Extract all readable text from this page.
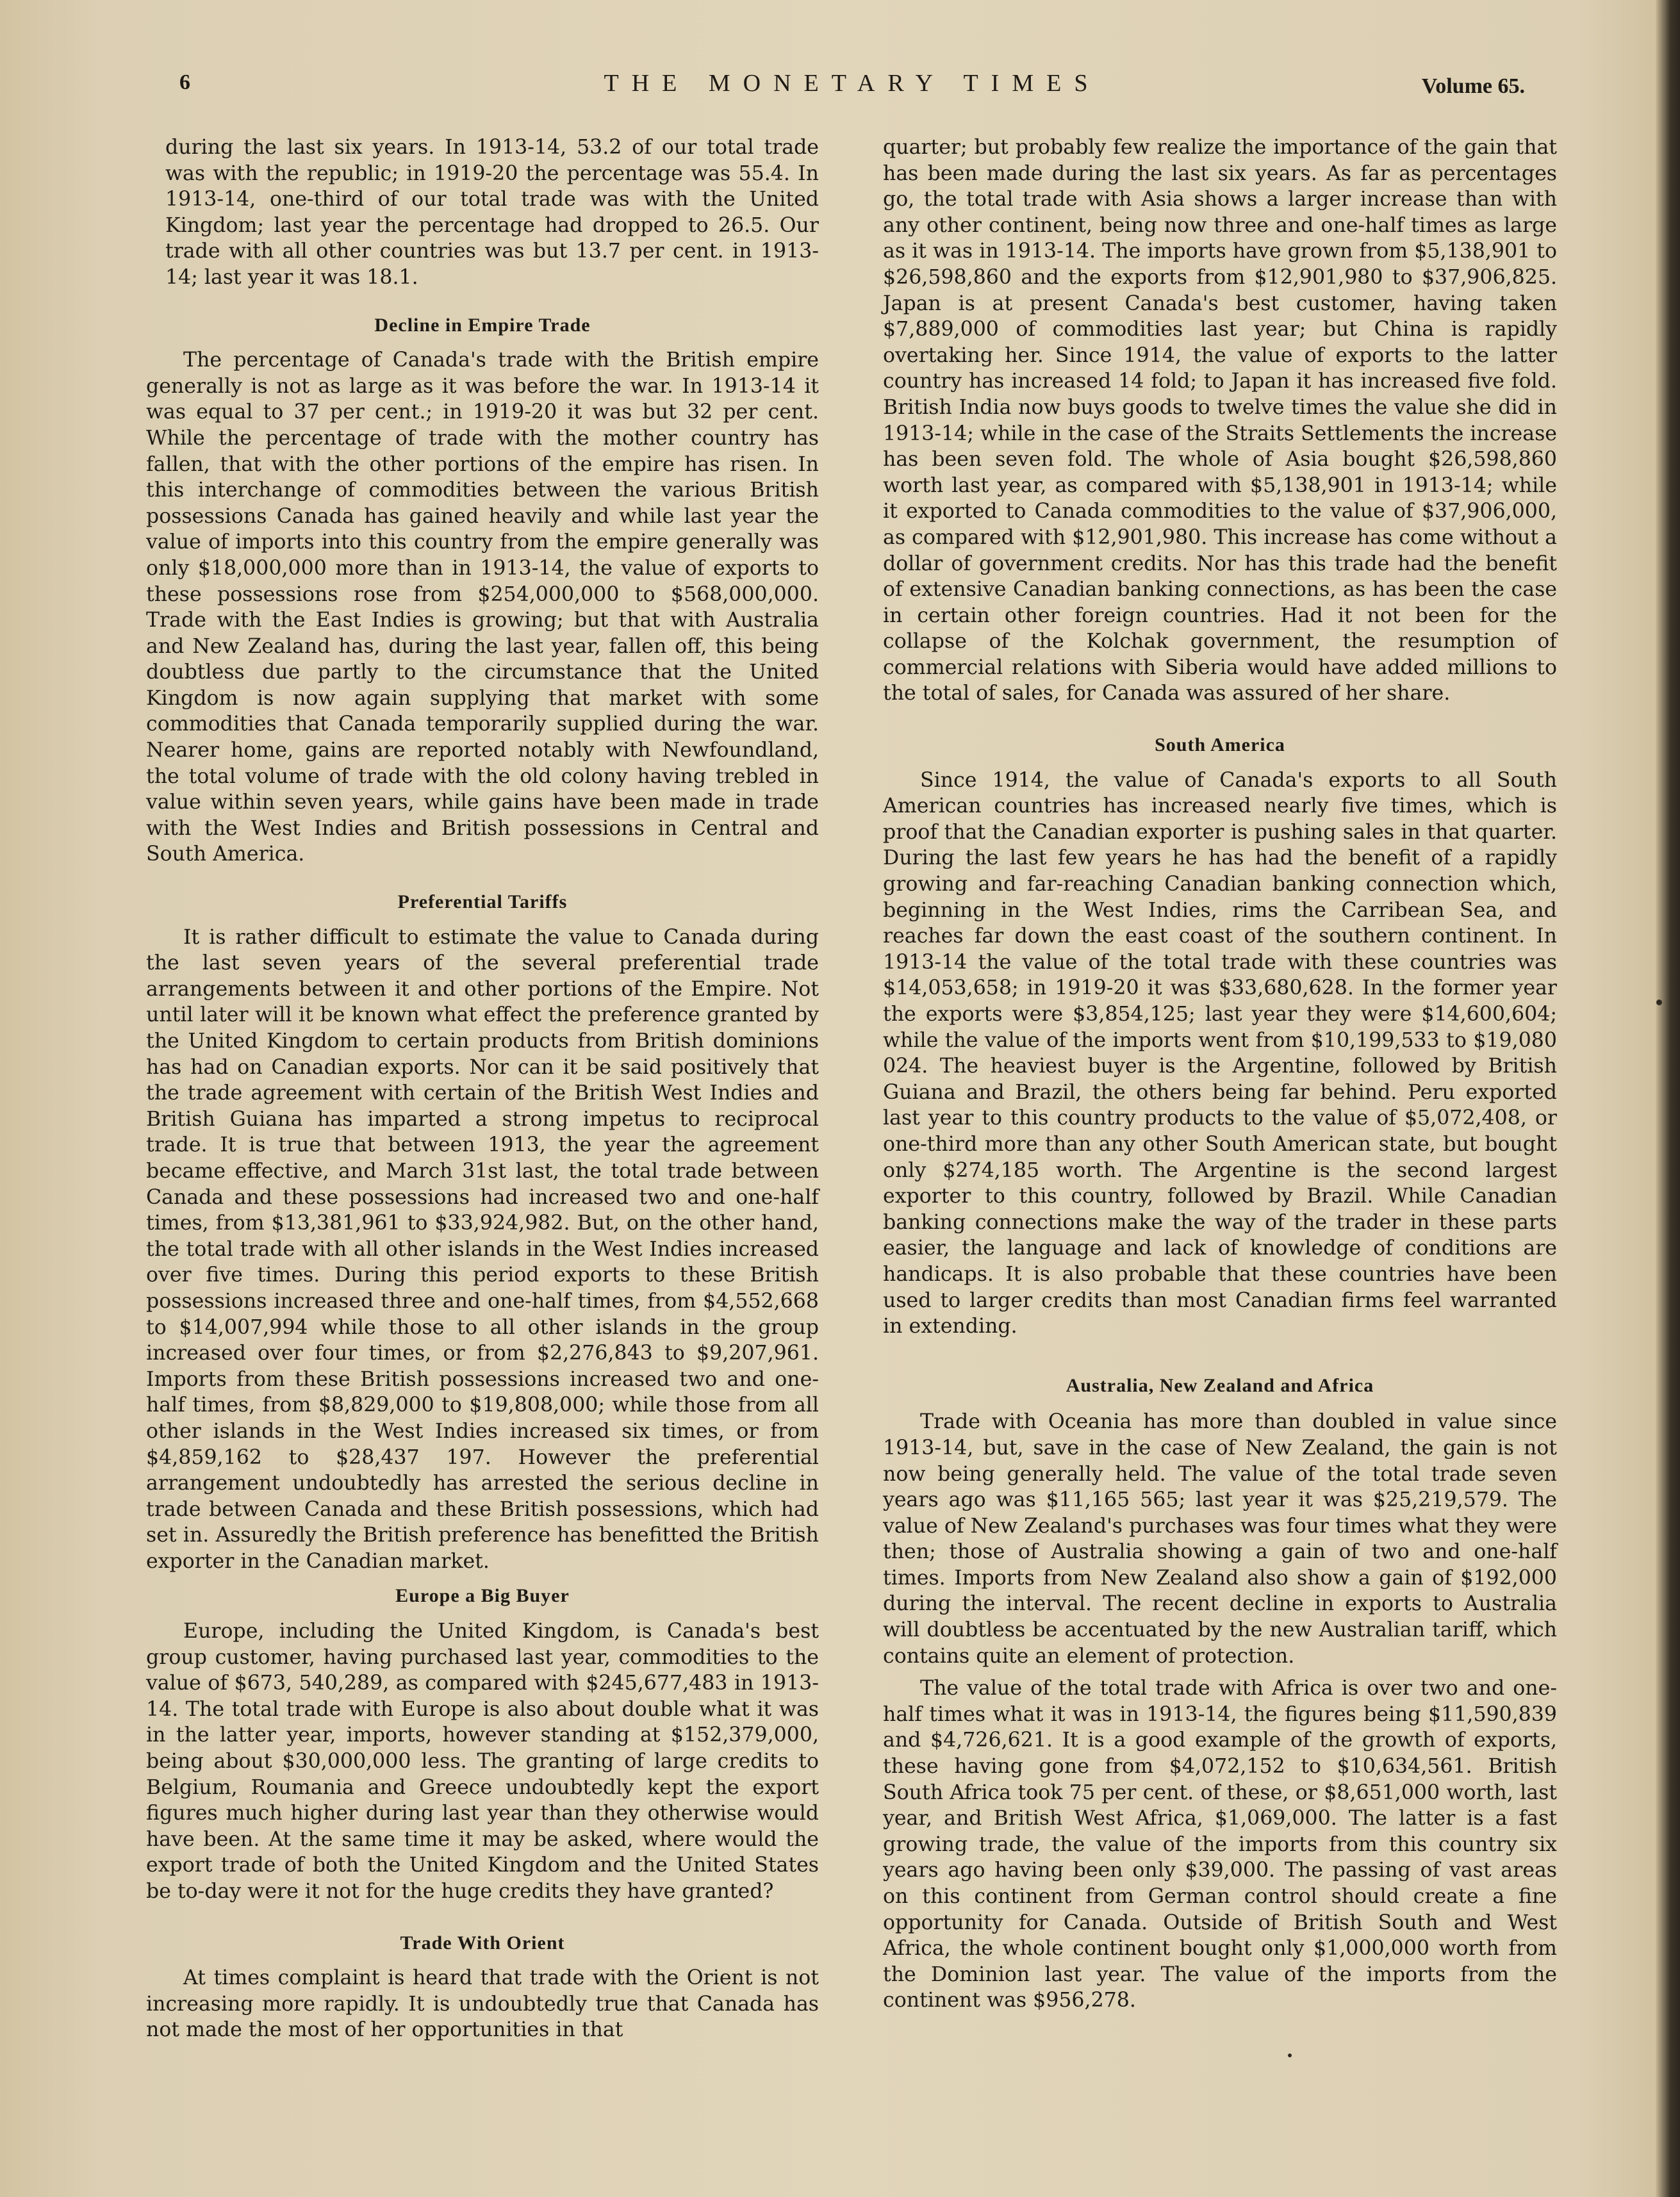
6	THE MONETARY TIMES	Volume 65.

during the last six years. In 1913-14, 53.2 of our total trade was with the republic; in 1919-20 the percentage was 55.4. In 1913-14, one-third of our total trade was with the United Kingdom; last year the percentage had dropped to 26.5. Our trade with all other countries was but 13.7 per cent. in 1913-14; last year it was 18.1.

Decline in Empire Trade

The percentage of Canada's trade with the British empire generally is not as large as it was before the war. In 1913-14 it was equal to 37 per cent.; in 1919-20 it was but 32 per cent. While the percentage of trade with the mother country has fallen, that with the other portions of the empire has risen. In this interchange of commodities between the various British possessions Canada has gained heavily and while last year the value of imports into this country from the empire generally was only $18,000,000 more than in 1913-14, the value of exports to these possessions rose from $254,000,000 to $568,000,000. Trade with the East Indies is growing; but that with Australia and New Zealand has, during the last year, fallen off, this being doubtless due partly to the circumstance that the United Kingdom is now again supplying that market with some commodities that Canada temporarily supplied during the war. Nearer home, gains are reported notably with Newfoundland, the total volume of trade with the old colony having trebled in value within seven years, while gains have been made in trade with the West Indies and British possessions in Central and South America.

Preferential Tariffs

It is rather difficult to estimate the value to Canada during the last seven years of the several preferential trade arrangements between it and other portions of the Empire. Not until later will it be known what effect the preference granted by the United Kingdom to certain products from British dominions has had on Canadian exports. Nor can it be said positively that the trade agreement with certain of the British West Indies and British Guiana has imparted a strong impetus to reciprocal trade. It is true that between 1913, the year the agreement became effective, and March 31st last, the total trade between Canada and these possessions had increased two and one-half times, from $13,381,961 to $33,924,982. But, on the other hand, the total trade with all other islands in the West Indies increased over five times. During this period exports to these British possessions increased three and one-half times, from $4,552,668 to $14,007,994 while those to all other islands in the group increased over four times, or from $2,276,843 to $9,207,961. Imports from these British possessions increased two and one-half times, from $8,829,000 to $19,808,000; while those from all other islands in the West Indies increased six times, or from $4,859,162 to $28,437 197. However the preferential arrangement undoubtedly has arrested the serious decline in trade between Canada and these British possessions, which had set in. Assuredly the British preference has benefitted the British exporter in the Canadian market.

Europe a Big Buyer

Europe, including the United Kingdom, is Canada's best group customer, having purchased last year, commodities to the value of $673, 540,289, as compared with $245,677,483 in 1913-14. The total trade with Europe is also about double what it was in the latter year, imports, however standing at $152,379,000, being about $30,000,000 less. The granting of large credits to Belgium, Roumania and Greece undoubtedly kept the export figures much higher during last year than they otherwise would have been. At the same time it may be asked, where would the export trade of both the United Kingdom and the United States be to-day were it not for the huge credits they have granted?

Trade With Orient

At times complaint is heard that trade with the Orient is not increasing more rapidly. It is undoubtedly true that Canada has not made the most of her opportunities in that

quarter; but probably few realize the importance of the gain that has been made during the last six years. As far as percentages go, the total trade with Asia shows a larger increase than with any other continent, being now three and one-half times as large as it was in 1913-14. The imports have grown from $5,138,901 to $26,598,860 and the exports from $12,901,980 to $37,906,825. Japan is at present Canada's best customer, having taken $7,889,000 of commodities last year; but China is rapidly overtaking her. Since 1914, the value of exports to the latter country has increased 14 fold; to Japan it has increased five fold. British India now buys goods to twelve times the value she did in 1913-14; while in the case of the Straits Settlements the increase has been seven fold. The whole of Asia bought $26,598,860 worth last year, as compared with $5,138,901 in 1913-14; while it exported to Canada commodities to the value of $37,906,000, as compared with $12,901,980. This increase has come without a dollar of government credits. Nor has this trade had the benefit of extensive Canadian banking connections, as has been the case in certain other foreign countries. Had it not been for the collapse of the Kolchak government, the resumption of commercial relations with Siberia would have added millions to the total of sales, for Canada was assured of her share.

South America

Since 1914, the value of Canada's exports to all South American countries has increased nearly five times, which is proof that the Canadian exporter is pushing sales in that quarter. During the last few years he has had the benefit of a rapidly growing and far-reaching Canadian banking connection which, beginning in the West Indies, rims the Carribean Sea, and reaches far down the east coast of the southern continent. In 1913-14 the value of the total trade with these countries was $14,053,658; in 1919-20 it was $33,680,628. In the former year the exports were $3,854,125; last year they were $14,600,604; while the value of the imports went from $10,199,533 to $19,080 024. The heaviest buyer is the Argentine, followed by British Guiana and Brazil, the others being far behind. Peru exported last year to this country products to the value of $5,072,408, or one-third more than any other South American state, but bought only $274,185 worth. The Argentine is the second largest exporter to this country, followed by Brazil. While Canadian banking connections make the way of the trader in these parts easier, the language and lack of knowledge of conditions are handicaps. It is also probable that these countries have been used to larger credits than most Canadian firms feel warranted in extending.

Australia, New Zealand and Africa

Trade with Oceania has more than doubled in value since 1913-14, but, save in the case of New Zealand, the gain is not now being generally held. The value of the total trade seven years ago was $11,165 565; last year it was $25,219,579. The value of New Zealand's purchases was four times what they were then; those of Australia showing a gain of two and one-half times. Imports from New Zealand also show a gain of $192,000 during the interval. The recent decline in exports to Australia will doubtless be accentuated by the new Australian tariff, which contains quite an element of protection.

The value of the total trade with Africa is over two and one-half times what it was in 1913-14, the figures being $11,590,839 and $4,726,621. It is a good example of the growth of exports, these having gone from $4,072,152 to $10,634,561. British South Africa took 75 per cent. of these, or $8,651,000 worth, last year, and British West Africa, $1,069,000. The latter is a fast growing trade, the value of the imports from this country six years ago having been only $39,000. The passing of vast areas on this continent from German control should create a fine opportunity for Canada. Outside of British South and West Africa, the whole continent bought only $1,000,000 worth from the Dominion last year. The value of the imports from the continent was $956,278.
